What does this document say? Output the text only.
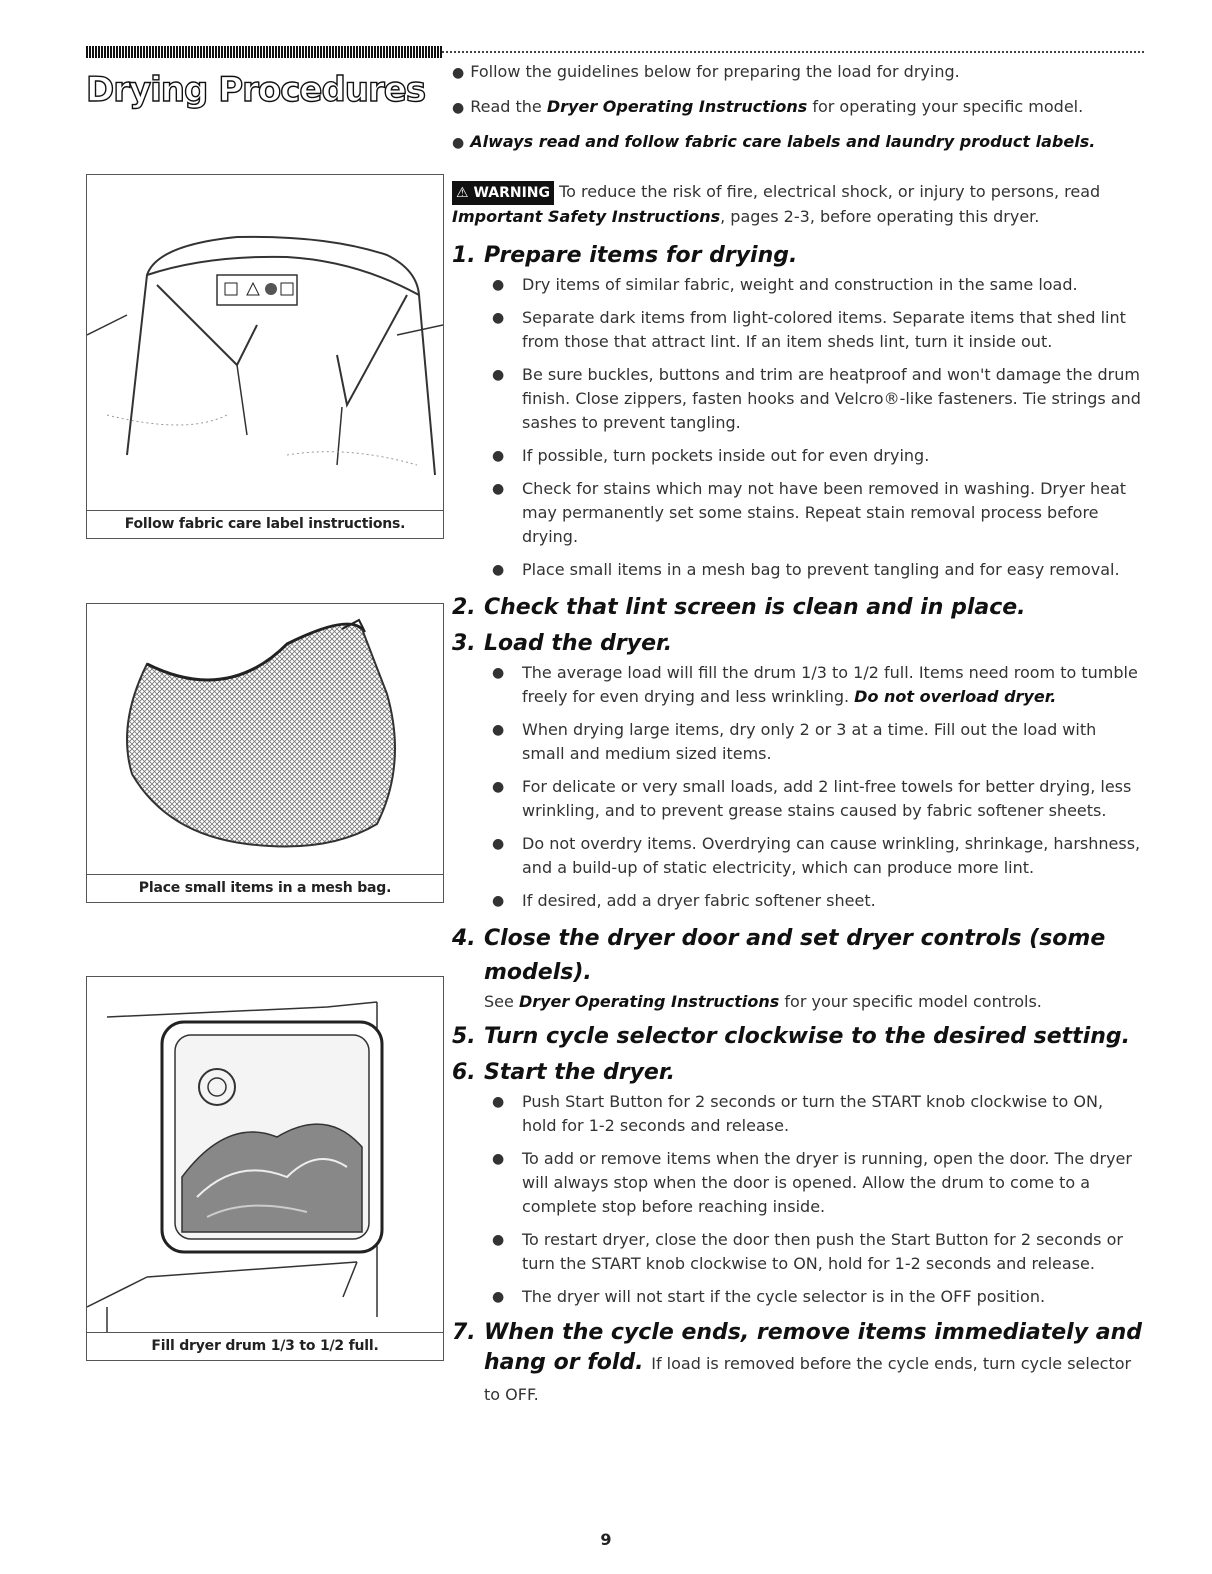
Drying Procedures ● Follow the guidelines below for preparing the load for drying.

● Read the Dryer Operating Instructions for operating your specific model.

● Always read and follow fabric care labels and laundry product labels.

Follow fabric care label instructions.
Place small items in a mesh bag.
Fill dryer drum 1/3 to 1/2 full.

⚠ WARNING To reduce the risk of fire, electrical shock, or injury to persons, read Important Safety Instructions, pages 2-3, before operating this dryer.

1. Prepare items for drying.
● Dry items of similar fabric, weight and construction in the same load.
● Separate dark items from light-colored items. Separate items that shed lint from those that attract lint. If an item sheds lint, turn it inside out.
● Be sure buckles, buttons and trim are heatproof and won't damage the drum finish. Close zippers, fasten hooks and Velcro®-like fasteners. Tie strings and sashes to prevent tangling.
● If possible, turn pockets inside out for even drying.
● Check for stains which may not have been removed in washing. Dryer heat may permanently set some stains. Repeat stain removal process before drying.
● Place small items in a mesh bag to prevent tangling and for easy removal.
2. Check that lint screen is clean and in place.
3. Load the dryer.
● The average load will fill the drum 1/3 to 1/2 full. Items need room to tumble freely for even drying and less wrinkling. Do not overload dryer.
● When drying large items, dry only 2 or 3 at a time. Fill out the load with small and medium sized items.
● For delicate or very small loads, add 2 lint-free towels for better drying, less wrinkling, and to prevent grease stains caused by fabric softener sheets.
● Do not overdry items. Overdrying can cause wrinkling, shrinkage, harshness, and a build-up of static electricity, which can produce more lint.
● If desired, add a dryer fabric softener sheet.
4. Close the dryer door and set dryer controls (some models).

See Dryer Operating Instructions for your specific model controls.

5. Turn cycle selector clockwise to the desired setting.
6. Start the dryer.
● Push Start Button for 2 seconds or turn the START knob clockwise to ON, hold for 1-2 seconds and release.
● To add or remove items when the dryer is running, open the door. The dryer will always stop when the door is opened. Allow the drum to come to a complete stop before reaching inside.
● To restart dryer, close the door then push the Start Button for 2 seconds or turn the START knob clockwise to ON, hold for 1-2 seconds and release.
● The dryer will not start if the cycle selector is in the OFF position.
7. When the cycle ends, remove items immediately and hang or fold. If load is removed before the cycle ends, turn cycle selector to OFF.
9
